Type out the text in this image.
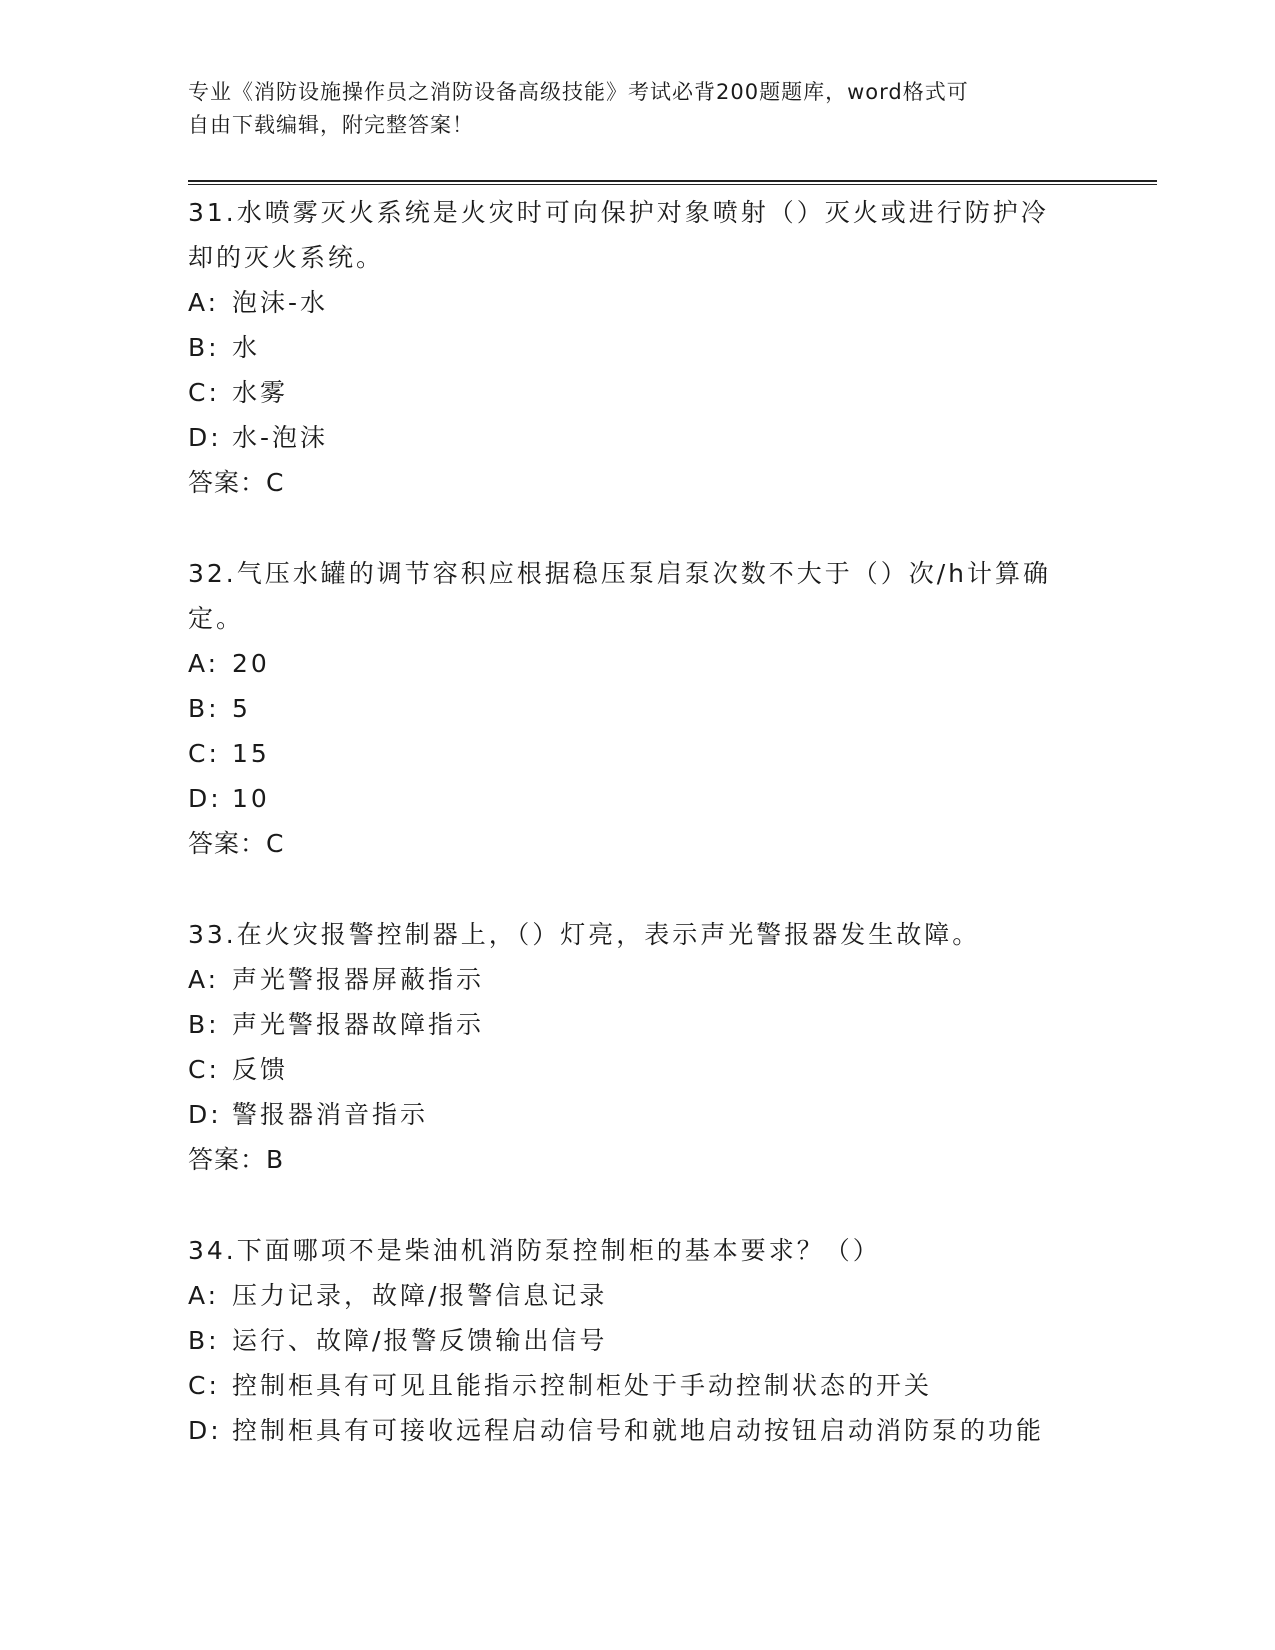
专业《消防设施操作员之消防设备高级技能》考试必背200题题库，word格式可
自由下载编辑，附完整答案！
31.水喷雾灭火系统是火灾时可向保护对象喷射（）灭火或进行防护冷
却的灭火系统。
A: 泡沫-水
B: 水
C: 水雾
D: 水-泡沫
答案：C
32.气压水罐的调节容积应根据稳压泵启泵次数不大于（）次/h计算确
定。
A: 20
B: 5
C: 15
D: 10
答案：C
33.在火灾报警控制器上，（）灯亮，表示声光警报器发生故障。
A: 声光警报器屏蔽指示
B: 声光警报器故障指示
C: 反馈
D: 警报器消音指示
答案：B
34.下面哪项不是柴油机消防泵控制柜的基本要求？（）
A: 压力记录，故障/报警信息记录
B: 运行、故障/报警反馈输出信号
C: 控制柜具有可见且能指示控制柜处于手动控制状态的开关
D: 控制柜具有可接收远程启动信号和就地启动按钮启动消防泵的功能
